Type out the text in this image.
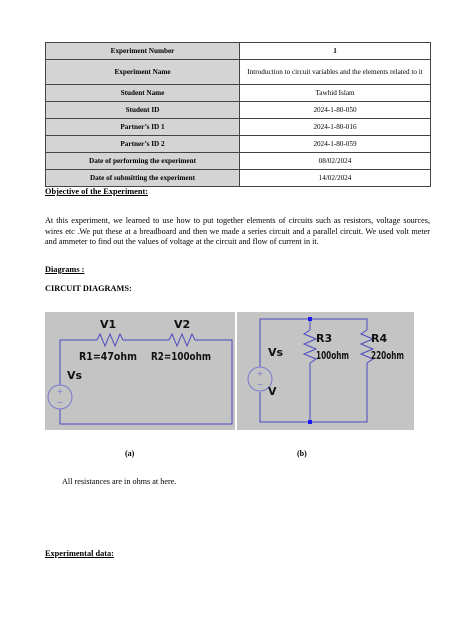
Experiment Number	1
Experiment Name	Introduction to circuit variables and the elements related to it
Student Name	Tawhid Islam
Student ID	2024-1-80-050
Partner’s ID 1	2024-1-80-016
Partner’s ID 2	2024-1-80-059
Date of performing the experiment	08/02/2024
Date of submitting the experiment	14/02/2024
Objective of the Experiment:
At this experiment, we learned to use how to put together elements of circuits such as resistors, voltage sources, wires etc .We put these at a breadboard and then we made a series circuit and a parallel circuit. We used volt meter and ammeter to find out the values of voltage at the circuit and flow of current in it.
Diagrams :
CIRCUIT DIAGRAMS:
+
−
V1	V2
R1=47ohm R2=100ohm
Vs	+
−
Vs
V
R3
100ohm
R4
220ohm
(a)	(b)
All resistances are in ohms at here.
Experimental data:
